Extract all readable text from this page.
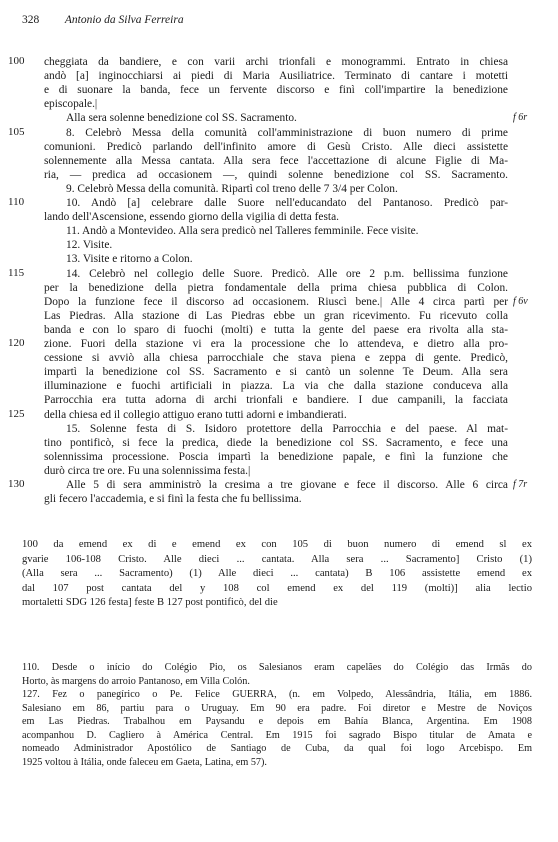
328 Antonio da Silva Ferreira
cheggiata da bandiere, e con varii archi trionfali e monogrammi. Entrato in chiesa
100
andò [a] inginocchiarsi ai piedi di Maria Ausiliatrice. Terminato di cantare i motetti
e di suonare la banda, fece un fervente discorso e finì coll'impartire la benedizione
episcopale.|
Alla sera solenne benedizione col SS. Sacramento.	f 6r
8. Celebrò Messa della comunità coll'amministrazione di buon numero di prime
105
comunioni. Predicò parlando dell'infinito amore di Gesù Cristo. Alle dieci assistette
solennemente alla Messa cantata. Alla sera fece l'accettazione di alcune Figlie di Ma-
ria, — predica ad occasionem —, quindi solenne benedizione col SS. Sacramento.
9. Celebrò Messa della comunità. Ripartì col treno delle 7 3/4 per Colon.
10. Andò [a] celebrare dalle Suore nell'educandato del Pantanoso. Predicò par-
110
lando dell'Ascensione, essendo giorno della vigilia di detta festa.
11. Andò a Montevideo. Alla sera predicò nel Talleres femminile. Fece visite.
12. Visite.
13. Visite e ritorno a Colon.
14. Celebrò nel collegio delle Suore. Predicò. Alle ore 2 p.m. bellissima funzione
115
per la benedizione della pietra fondamentale della prima chiesa pubblica di Colon.
Dopo la funzione fece il discorso ad occasionem. Riuscì bene.| Alle 4 circa partì per f 6v
Las Piedras. Alla stazione di Las Piedras ebbe un gran ricevimento. Fu ricevuto colla
banda e con lo sparo di fuochi (molti) e tutta la gente del paese era rivolta alla sta-
zione. Fuori della stazione vi era la processione che lo attendeva, e dietro alla pro-
120
cessione si avviò alla chiesa parrocchiale che stava piena e zeppa di gente. Predicò,
impartì la benedizione col SS. Sacramento e si cantò un solenne Te Deum. Alla sera
illuminazione e fuochi artificiali in piazza. La via che dalla stazione conduceva alla
Parrocchia era tutta adorna di archi trionfali e bandiere. I due campanili, la facciata
della chiesa ed il collegio attiguo erano tutti adorni e imbandierati.
125
15. Solenne festa di S. Isidoro protettore della Parrocchia e del paese. Al mat-
tino pontificò, si fece la predica, diede la benedizione col SS. Sacramento, e fece una
solennissima processione. Poscia impartì la benedizione papale, e finì la funzione che
durò circa tre ore. Fu una solennissima festa.|
Alle 5 di sera amministrò la cresima a tre giovane e fece il discorso. Alle 6 circa
130	f 7r
gli fecero l'accademia, e si finì la festa che fu bellissima.
100 da emend ex di e emend ex con 105 di buon numero di emend sl ex
gvarie 106-108 Cristo. Alle dieci ... cantata. Alla sera ... Sacramento] Cristo (1)
(Alla sera ... Sacramento) (1) Alle dieci ... cantata) B 106 assistette emend ex
dal 107 post cantata del y 108 col emend ex del 119 (molti)] alia lectio
mortaletti SDG 126 festa] feste B 127 post pontificò, del die
110. Desde o início do Colégio Pio, os Salesianos eram capelães do Colégio das Irmãs do
Horto, às margens do arroio Pantanoso, em Villa Colón.
127. Fez o panegírico o Pe. Felice GUERRA, (n. em Volpedo, Alessândria, Itália, em 1886.
Salesiano em 86, partiu para o Uruguay. Em 90 era padre. Foi diretor e Mestre de Noviços
em Las Piedras. Trabalhou em Paysandu e depois em Bahía Blanca, Argentina. Em 1908
acompanhou D. Cagliero à América Central. Em 1915 foi sagrado Bispo titular de Amata e
nomeado Administrador Apostólico de Santiago de Cuba, da qual foi logo Arcebispo. Em
1925 voltou à Itália, onde faleceu em Gaeta, Latina, em 57).
